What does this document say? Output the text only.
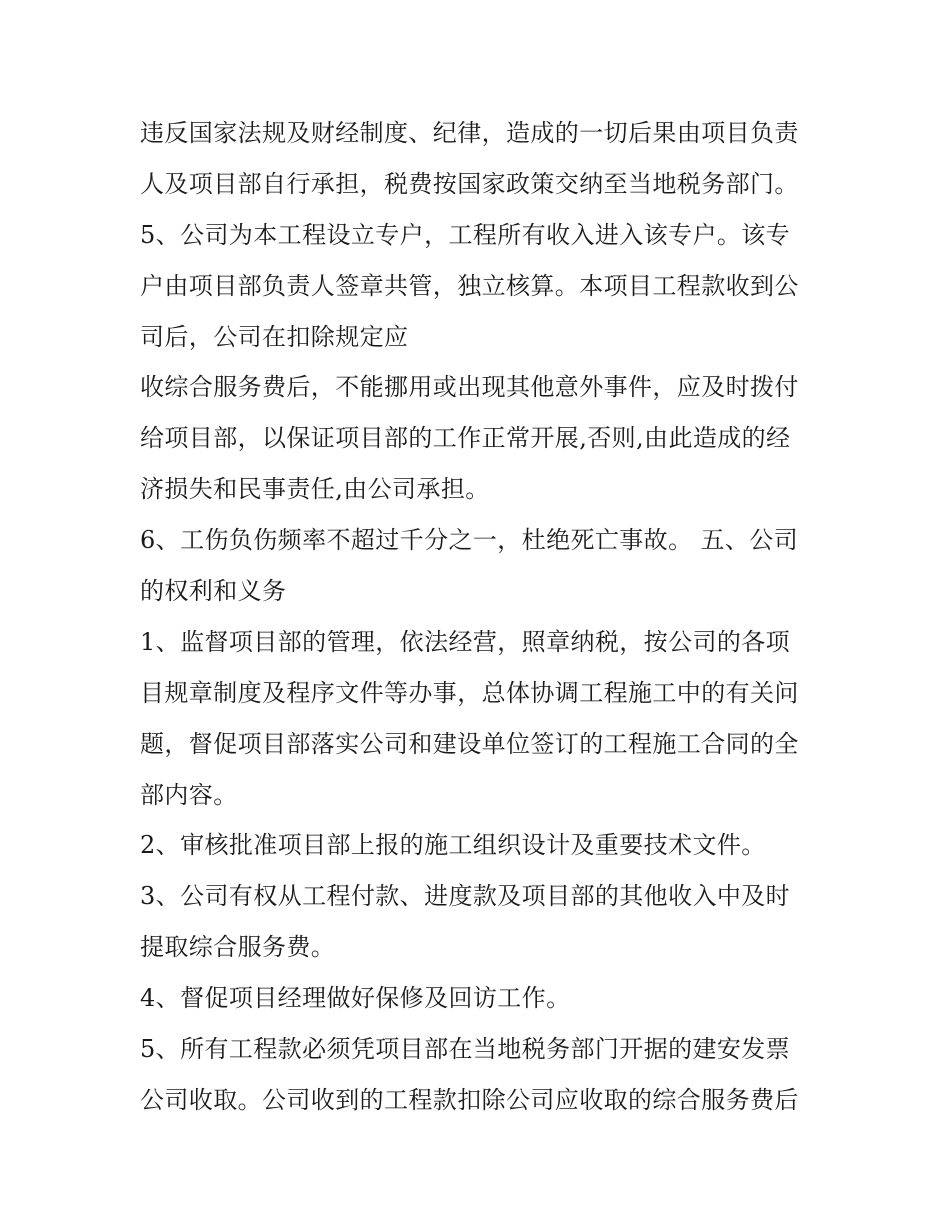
违反国家法规及财经制度、纪律，造成的一切后果由项目负责
人及项目部自行承担，税费按国家政策交纳至当地税务部门。
5、公司为本工程设立专户，工程所有收入进入该专户。该专
户由项目部负责人签章共管，独立核算。本项目工程款收到公
司后，公司在扣除规定应
收综合服务费后，不能挪用或出现其他意外事件，应及时拨付
给项目部，以保证项目部的工作正常开展,否则,由此造成的经
济损失和民事责任,由公司承担。
6、工伤负伤频率不超过千分之一，杜绝死亡事故。 五、公司
的权利和义务
1、监督项目部的管理，依法经营，照章纳税，按公司的各项
目规章制度及程序文件等办事，总体协调工程施工中的有关问
题，督促项目部落实公司和建设单位签订的工程施工合同的全
部内容。
2、审核批准项目部上报的施工组织设计及重要技术文件。
3、公司有权从工程付款、进度款及项目部的其他收入中及时
提取综合服务费。
4、督促项目经理做好保修及回访工作。
5、所有工程款必须凭项目部在当地税务部门开据的建安发票
公司收取。公司收到的工程款扣除公司应收取的综合服务费后
